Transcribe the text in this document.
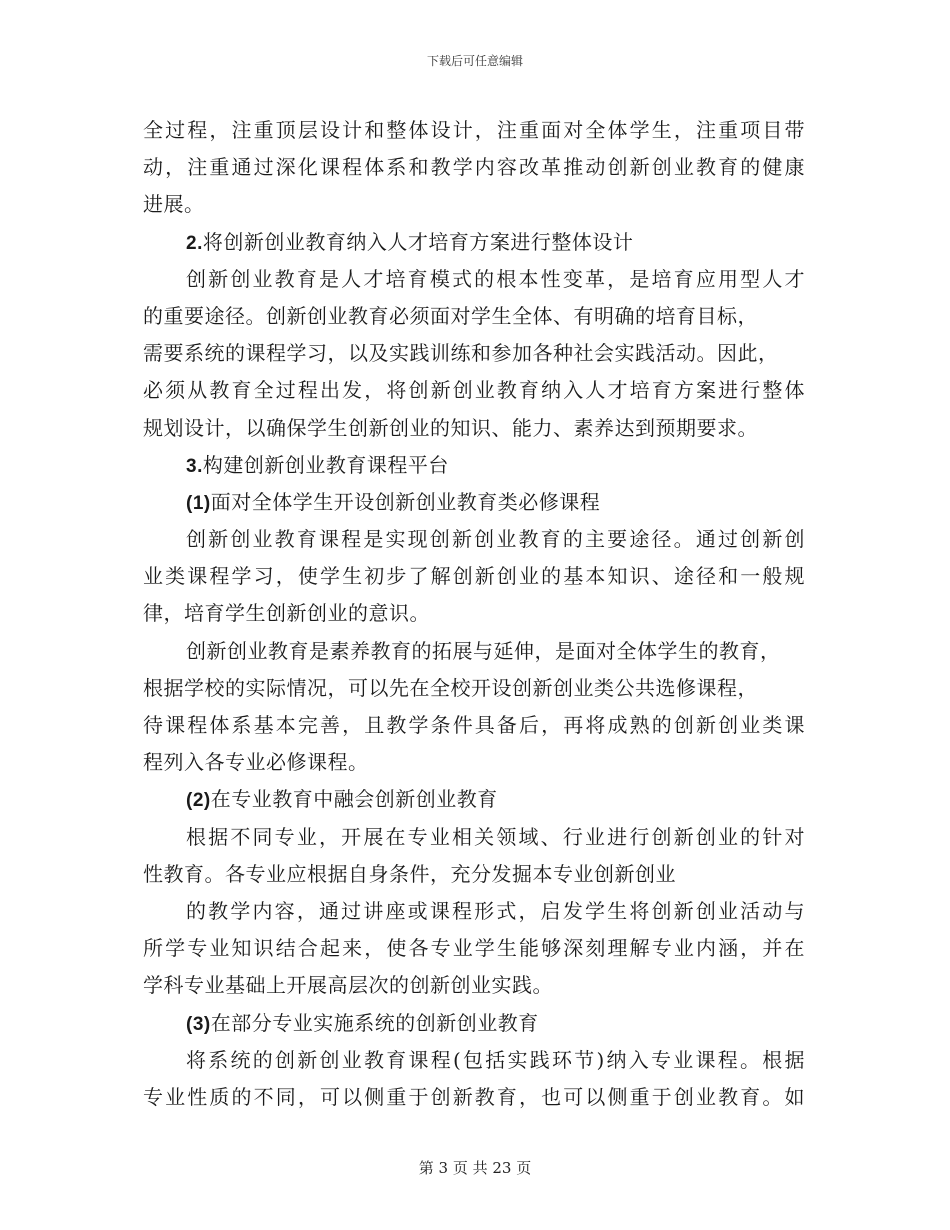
下载后可任意编辑
全过程，注重顶层设计和整体设计，注重面对全体学生，注重项目带
动，注重通过深化课程体系和教学内容改革推动创新创业教育的健康
进展。
2.将创新创业教育纳入人才培育方案进行整体设计
创新创业教育是人才培育模式的根本性变革，是培育应用型人才
的重要途径。创新创业教育必须面对学生全体、有明确的培育目标，
需要系统的课程学习，以及实践训练和参加各种社会实践活动。因此，
必须从教育全过程出发，将创新创业教育纳入人才培育方案进行整体
规划设计，以确保学生创新创业的知识、能力、素养达到预期要求。
3.构建创新创业教育课程平台
(1)面对全体学生开设创新创业教育类必修课程
创新创业教育课程是实现创新创业教育的主要途径。通过创新创
业类课程学习，使学生初步了解创新创业的基本知识、途径和一般规
律，培育学生创新创业的意识。
创新创业教育是素养教育的拓展与延伸，是面对全体学生的教育，
根据学校的实际情况，可以先在全校开设创新创业类公共选修课程，
待课程体系基本完善，且教学条件具备后，再将成熟的创新创业类课
程列入各专业必修课程。
(2)在专业教育中融会创新创业教育
根据不同专业，开展在专业相关领域、行业进行创新创业的针对
性教育。各专业应根据自身条件，充分发掘本专业创新创业
的教学内容，通过讲座或课程形式，启发学生将创新创业活动与
所学专业知识结合起来，使各专业学生能够深刻理解专业内涵，并在
学科专业基础上开展高层次的创新创业实践。
(3)在部分专业实施系统的创新创业教育
将系统的创新创业教育课程(包括实践环节)纳入专业课程。根据
专业性质的不同，可以侧重于创新教育，也可以侧重于创业教育。如
第 3 页 共 23 页
